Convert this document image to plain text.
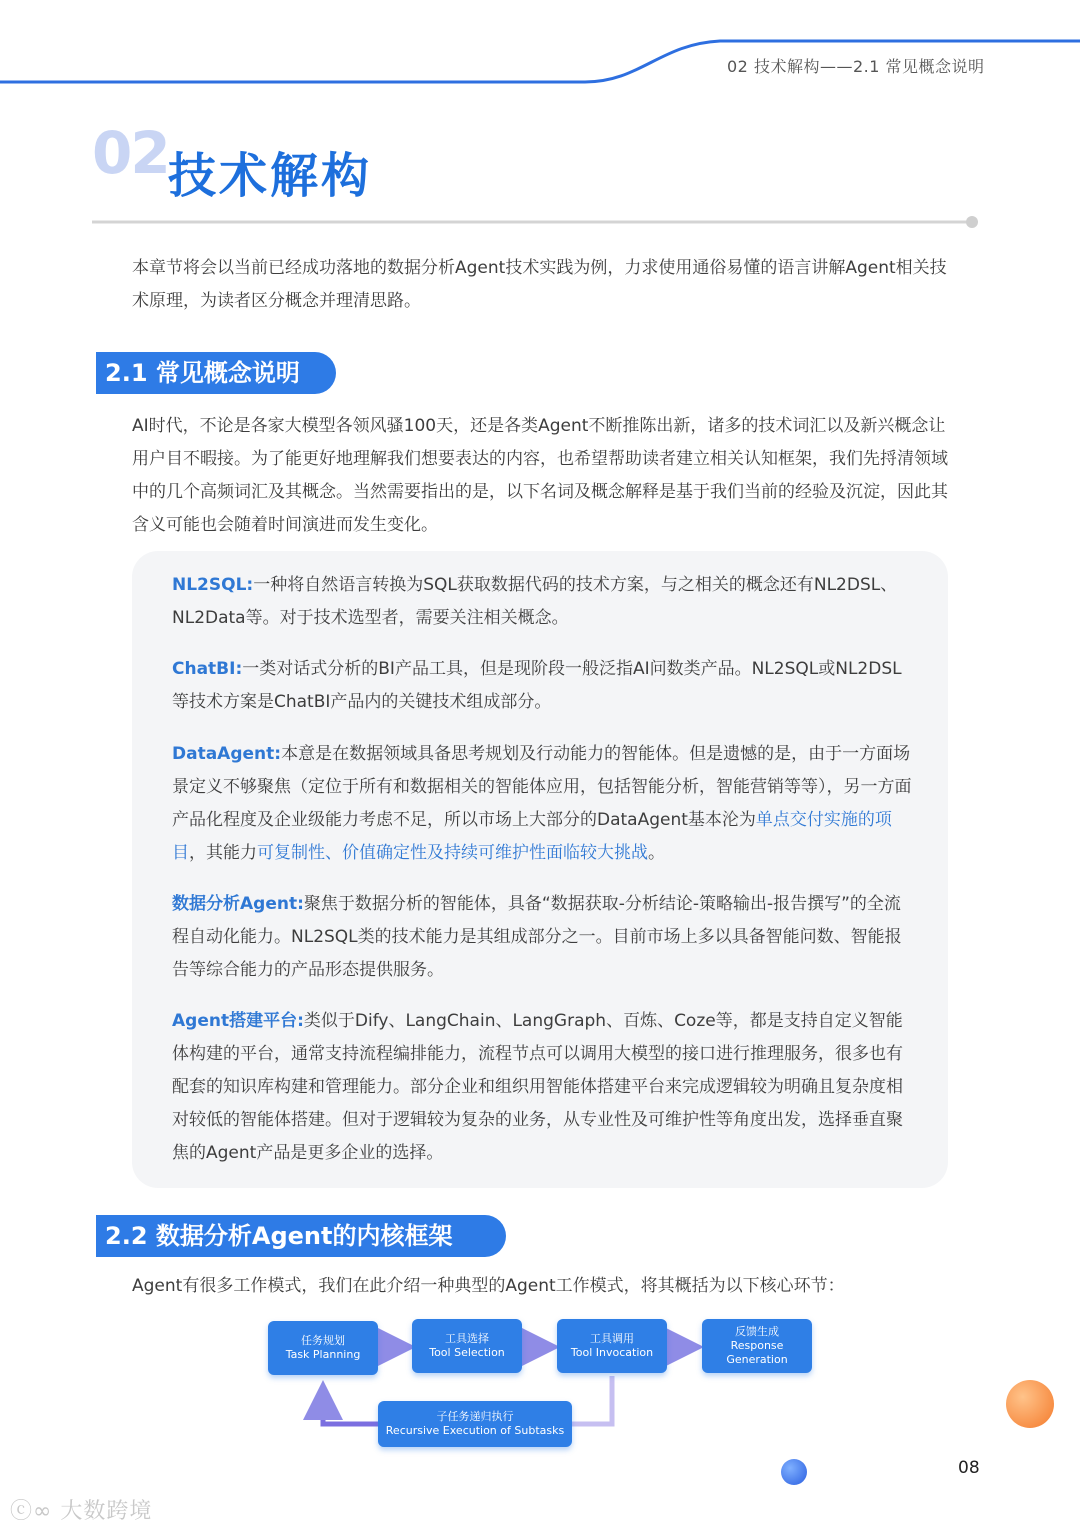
02 技术解构——2.1 常见概念说明
02 技术解构
本章节将会以当前已经成功落地的数据分析Agent技术实践为例，力求使用通俗易懂的语言讲解Agent相关技术原理，为读者区分概念并理清思路。
2.1 常见概念说明
AI时代，不论是各家大模型各领风骚100天，还是各类Agent不断推陈出新，诸多的技术词汇以及新兴概念让用户目不暇接。为了能更好地理解我们想要表达的内容，也希望帮助读者建立相关认知框架，我们先捋清领域中的几个高频词汇及其概念。当然需要指出的是，以下名词及概念解释是基于我们当前的经验及沉淀，因此其含义可能也会随着时间演进而发生变化。
NL2SQL:一种将自然语言转换为SQL获取数据代码的技术方案，与之相关的概念还有NL2DSL、NL2Data等。对于技术选型者，需要关注相关概念。
ChatBI:一类对话式分析的BI产品工具，但是现阶段一般泛指AI问数类产品。NL2SQL或NL2DSL等技术方案是ChatBI产品内的关键技术组成部分。
DataAgent:本意是在数据领域具备思考规划及行动能力的智能体。但是遗憾的是，由于一方面场景定义不够聚焦（定位于所有和数据相关的智能体应用，包括智能分析，智能营销等等），另一方面产品化程度及企业级能力考虑不足，所以市场上大部分的DataAgent基本沦为单点交付实施的项目，其能力可复制性、价值确定性及持续可维护性面临较大挑战。
数据分析Agent:聚焦于数据分析的智能体，具备“数据获取-分析结论-策略输出-报告撰写”的全流程自动化能力。NL2SQL类的技术能力是其组成部分之一。目前市场上多以具备智能问数、智能报告等综合能力的产品形态提供服务。
Agent搭建平台:类似于Dify、LangChain、LangGraph、百炼、Coze等，都是支持自定义智能体构建的平台，通常支持流程编排能力，流程节点可以调用大模型的接口进行推理服务，很多也有配套的知识库构建和管理能力。部分企业和组织用智能体搭建平台来完成逻辑较为明确且复杂度相对较低的智能体搭建。但对于逻辑较为复杂的业务，从专业性及可维护性等角度出发，选择垂直聚焦的Agent产品是更多企业的选择。
2.2 数据分析Agent的内核框架
Agent有很多工作模式，我们在此介绍一种典型的Agent工作模式，将其概括为以下核心环节：
任务规划
Task Planning
工具选择
Tool Selection
工具调用
Tool Invocation
反馈生成
Response Generation
子任务递归执行
Recursive Execution of Subtasks
08
ⓒ∞ 大数跨境
